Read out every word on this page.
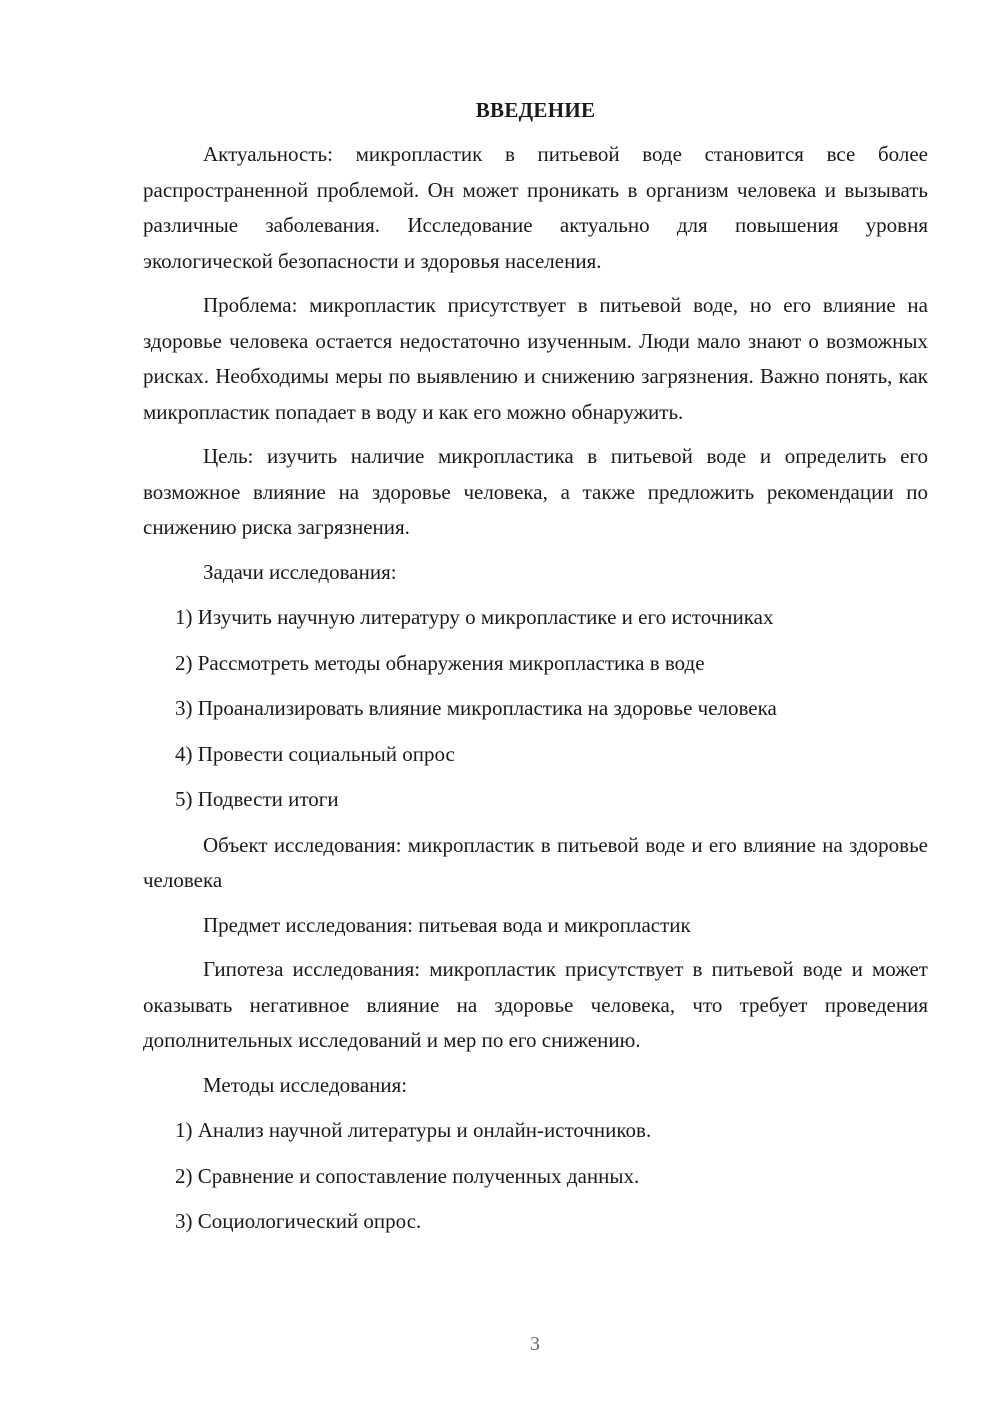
ВВЕДЕНИЕ

Актуальность: микропластик в питьевой воде становится все более распространенной проблемой. Он может проникать в организм человека и вызывать различные заболевания. Исследование актуально для повышения уровня экологической безопасности и здоровья населения.

Проблема: микропластик присутствует в питьевой воде, но его влияние на здоровье человека остается недостаточно изученным. Люди мало знают о возможных рисках. Необходимы меры по выявлению и снижению загрязнения. Важно понять, как микропластик попадает в воду и как его можно обнаружить.

Цель: изучить наличие микропластика в питьевой воде и определить его возможное влияние на здоровье человека, а также предложить рекомендации по снижению риска загрязнения.

Задачи исследования:

1) Изучить научную литературу о микропластике и его источниках
2) Рассмотреть методы обнаружения микропластика в воде
3) Проанализировать влияние микропластика на здоровье человека
4) Провести социальный опрос
5) Подвести итоги

Объект исследования: микропластик в питьевой воде и его влияние на здоровье человека

Предмет исследования: питьевая вода и микропластик

Гипотеза исследования: микропластик присутствует в питьевой воде и может оказывать негативное влияние на здоровье человека, что требует проведения дополнительных исследований и мер по его снижению.

Методы исследования:

1) Анализ научной литературы и онлайн-источников.
2) Сравнение и сопоставление полученных данных.
3) Социологический опрос.
3
